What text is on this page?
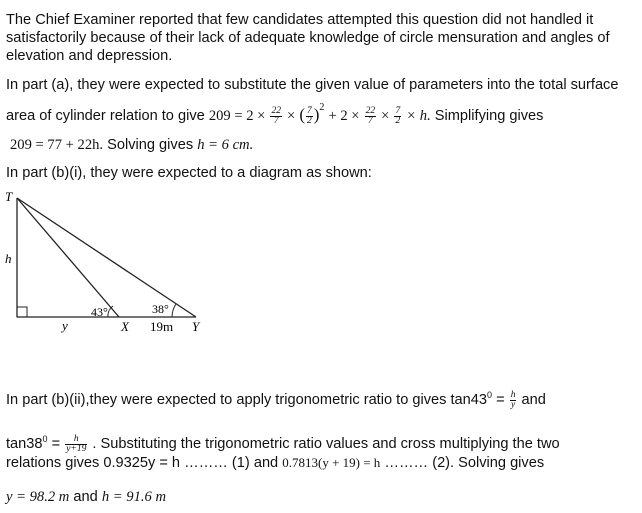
The Chief Examiner reported that few candidates attempted this question did not handled it
satisfactorily because of their lack of adequate knowledge of circle mensuration and angles of
elevation and depression.
In part (a), they were expected to substitute the given value of parameters into the total surface
area of cylinder relation to give $209 = 2 \times \frac{22}{7}$ × ( $\frac{7}{2} )^2 + 2 \times \frac{22}{7} \times \frac{7}{2} \times h$. Simplifying gives
209 = 77 + 22h. Solving gives h = 6 cm.
In part (b)(i), they were expected to a diagram as shown:
T
h
y	X	Y
43°	38°
19m
In part (b)(ii),they were expected to apply trigonometric ratio to gives $\tan 43^0 = \frac{h}{y}$ and
$\tan 38^0 = \frac{h}{y+19}$ . Substituting the trigonometric ratio values and cross multiplying the two
relations gives 0.9325y = h ……… (1) and 0.7813(y + 19) = h ……… (2). Solving gives
y = 98.2 m and h = 91.6 m
